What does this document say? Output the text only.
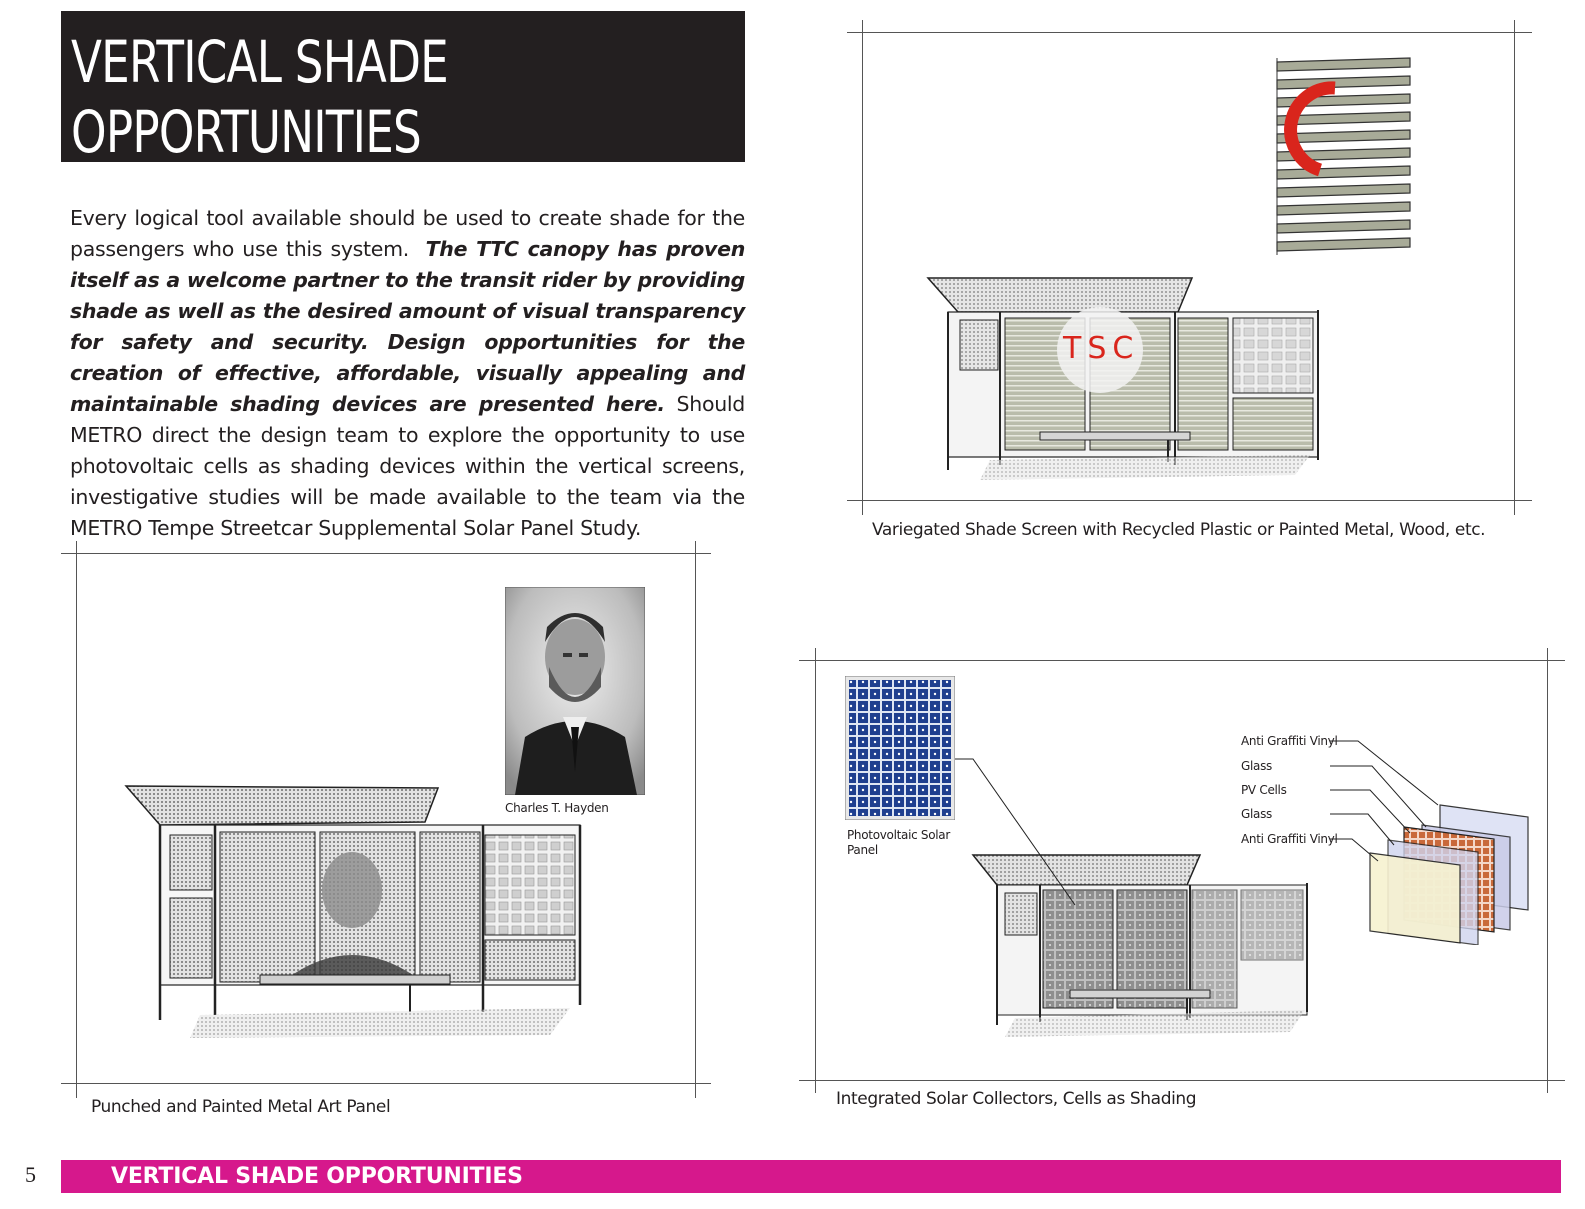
VERTICAL SHADE
OPPORTUNITIES
Every logical tool available should be used to create shade for the passengers who use this system. The TTC canopy has proven itself as a welcome partner to the transit rider by providing shade as well as the desired amount of visual transparency for safety and security. Design opportunities for the creation of effective, affordable, visually appealing and maintainable shading devices are presented here. Should METRO direct the design team to explore the opportunity to use photovoltaic cells as shading devices within the vertical screens, investigative studies will be made available to the team via the METRO Tempe Streetcar Supplemental Solar Panel Study.
TSC
Variegated Shade Screen with Recycled Plastic or Painted Metal, Wood, etc.
Charles T. Hayden
Punched and Painted Metal Art Panel
Photovoltaic Solar
Panel
Anti Graffiti Vinyl
Glass
PV Cells
Glass
Anti Graffiti Vinyl
Integrated Solar Collectors, Cells as Shading
5	VERTICAL SHADE OPPORTUNITIES
